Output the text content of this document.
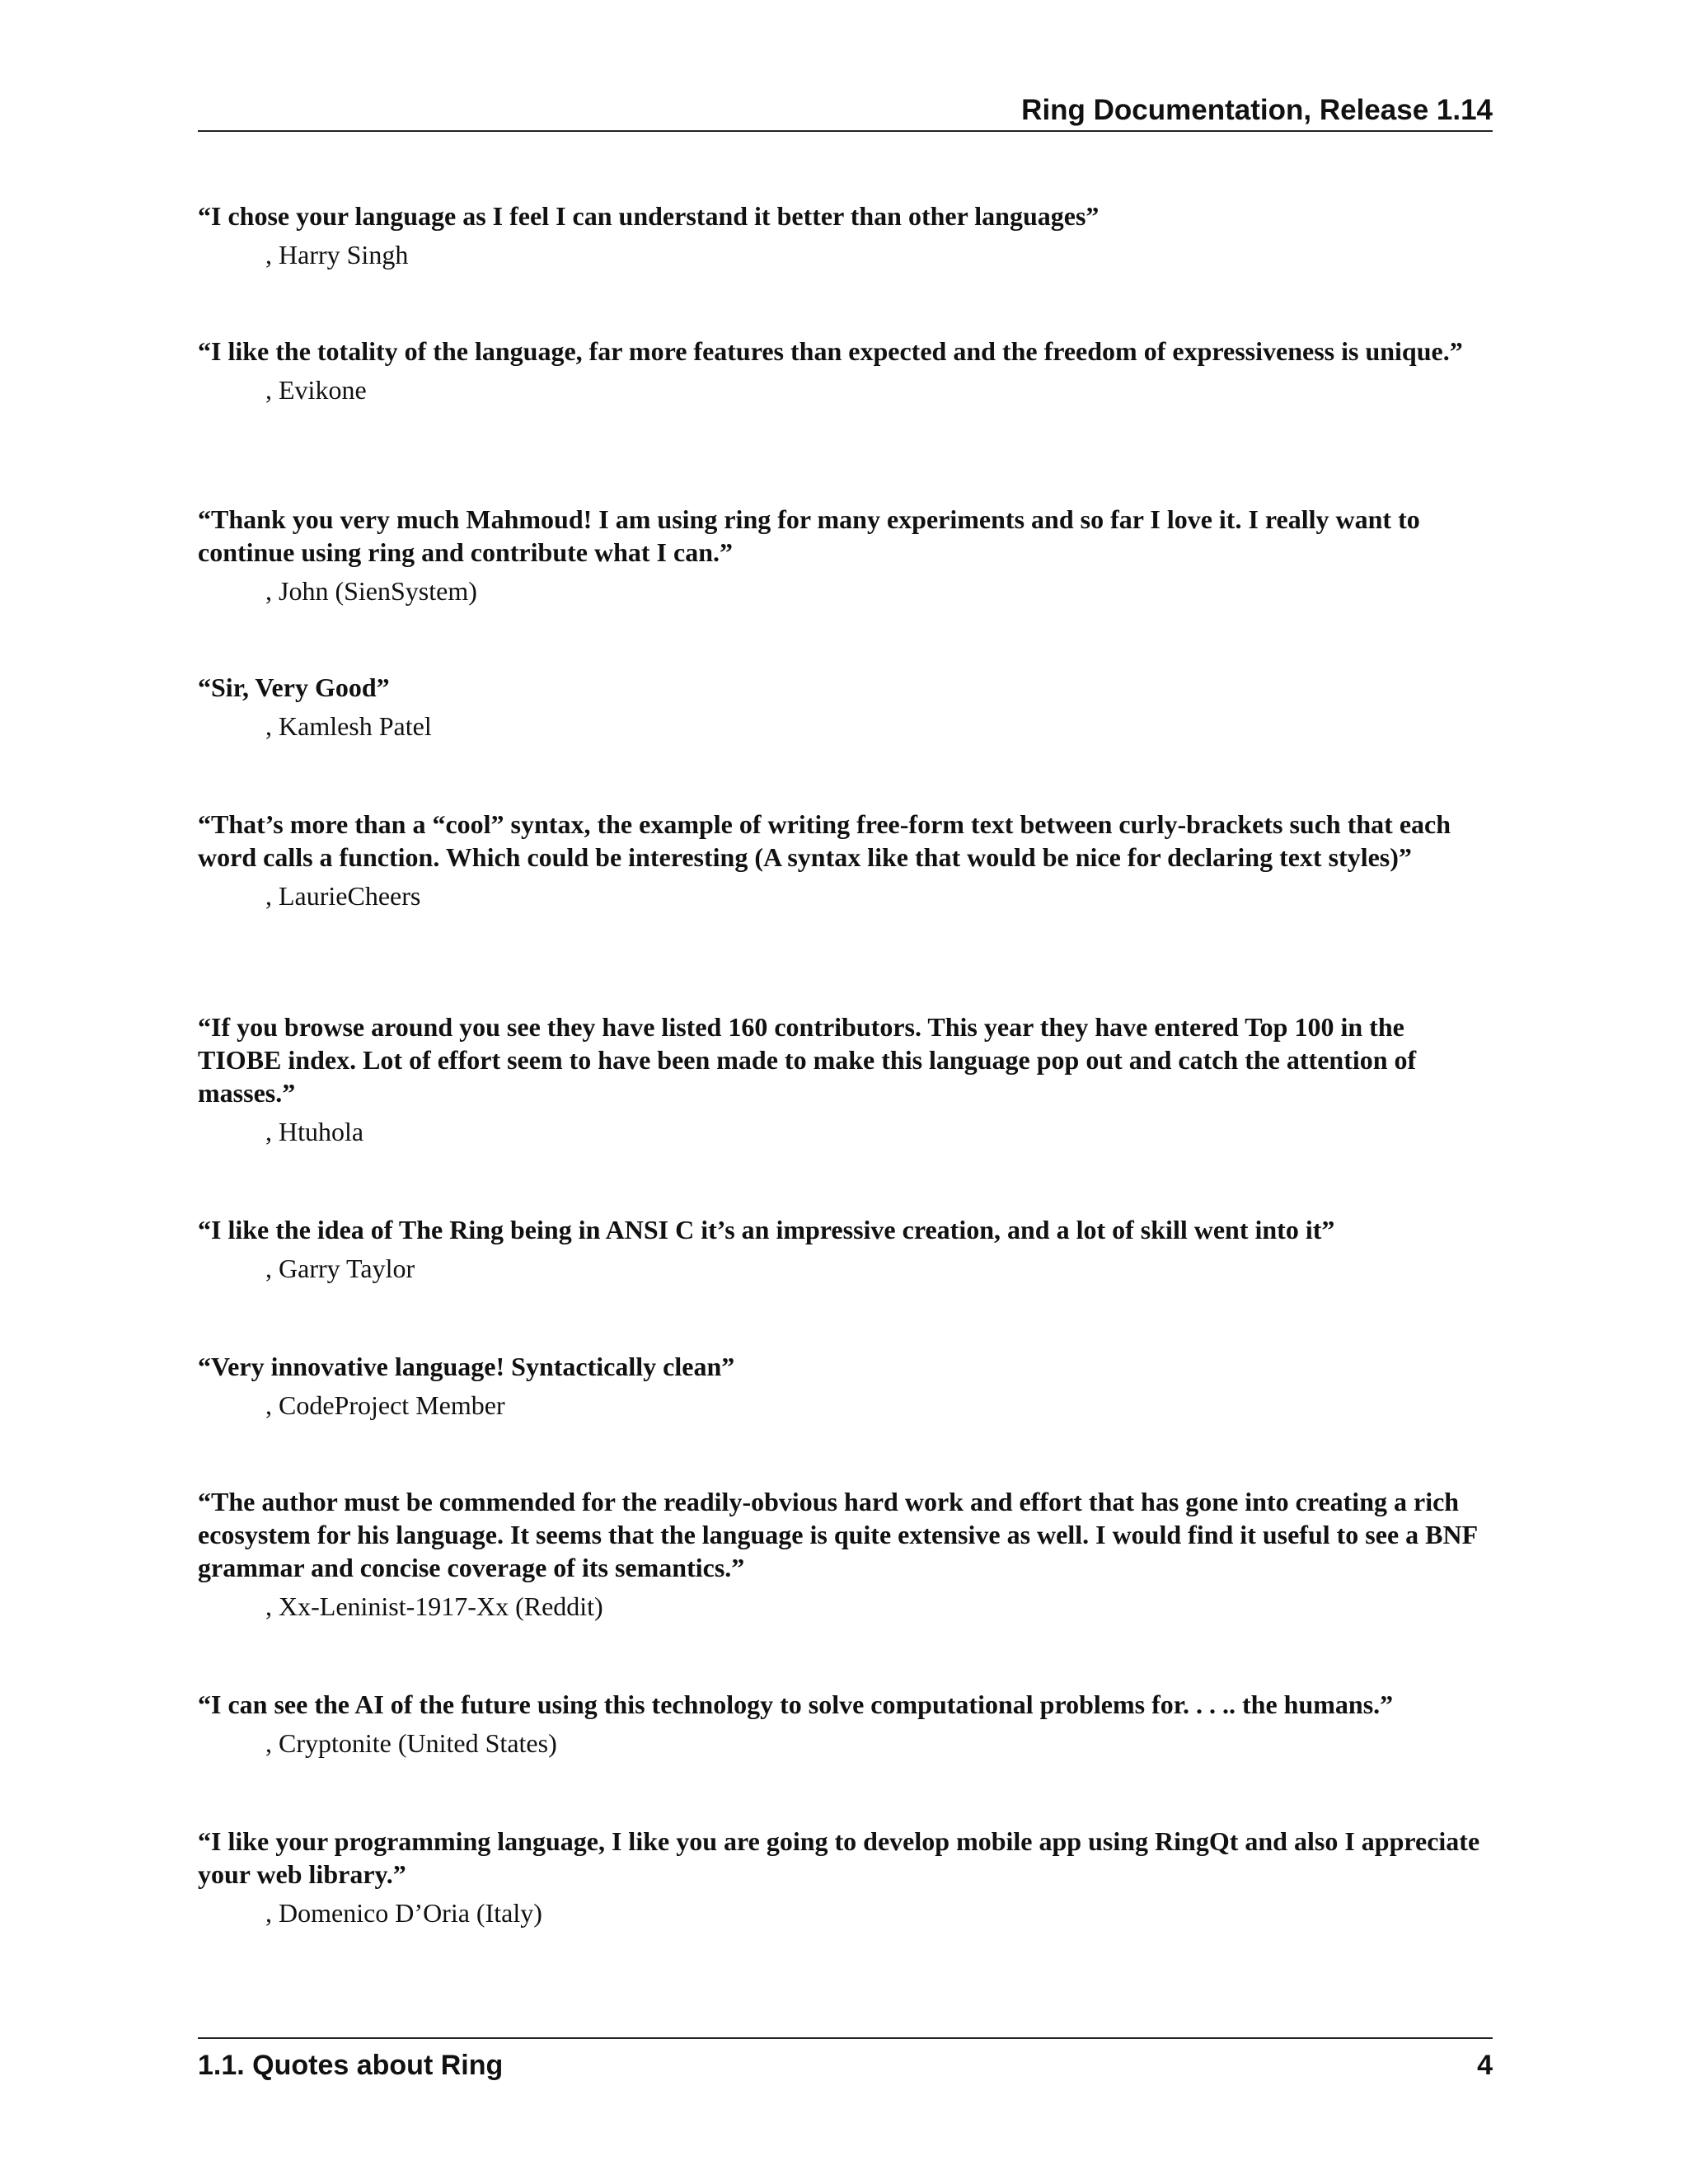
Ring Documentation, Release 1.14

“I chose your language as I feel I can understand it better than other languages”

, Harry Singh

“I like the totality of the language, far more features than expected and the freedom of expressiveness is unique.”

, Evikone

“Thank you very much Mahmoud! I am using ring for many experiments and so far I love it. I really want to continue using ring and contribute what I can.”

, John (SienSystem)

“Sir, Very Good”

, Kamlesh Patel

“That’s more than a “cool” syntax, the example of writing free-form text between curly-brackets such that each word calls a function. Which could be interesting (A syntax like that would be nice for declaring text styles)”

, LaurieCheers

“If you browse around you see they have listed 160 contributors. This year they have entered Top 100 in the TIOBE index. Lot of effort seem to have been made to make this language pop out and catch the attention of masses.”

, Htuhola

“I like the idea of The Ring being in ANSI C it’s an impressive creation, and a lot of skill went into it”

, Garry Taylor

“Very innovative language! Syntactically clean”

, CodeProject Member

“The author must be commended for the readily-obvious hard work and effort that has gone into creating a rich ecosystem for his language. It seems that the language is quite extensive as well. I would find it useful to see a BNF grammar and concise coverage of its semantics.”

, Xx-Leninist-1917-Xx (Reddit)

“I can see the AI of the future using this technology to solve computational problems for. . . .. the humans.”

, Cryptonite (United States)

“I like your programming language, I like you are going to develop mobile app using RingQt and also I appreciate your web library.”

, Domenico D’Oria (Italy)

1.1. Quotes about Ring	4
